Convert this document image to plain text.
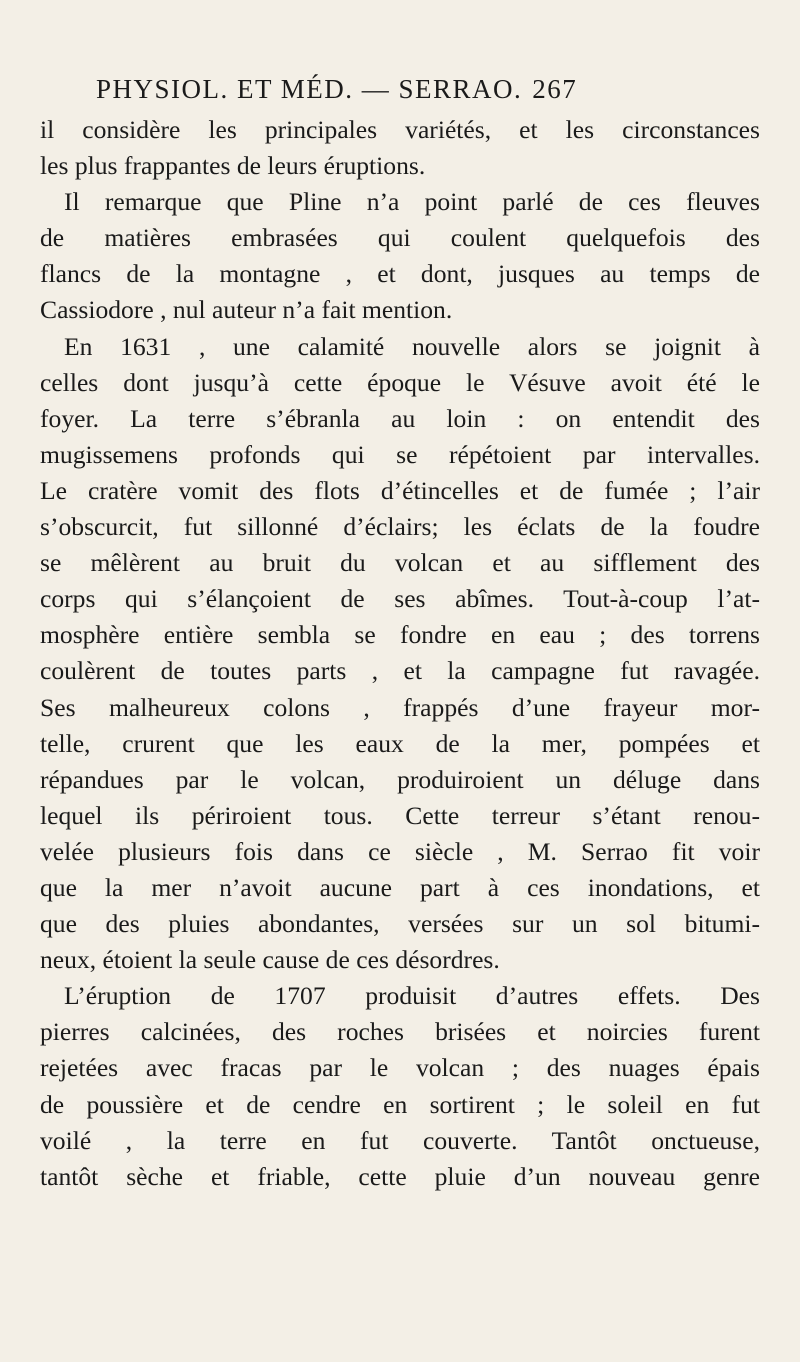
PHYSIOL. ET MÉD. — SERRAO. 267
il considère les principales variétés, et les circonstances
les plus frappantes de leurs éruptions.
Il remarque que Pline n’a point parlé de ces fleuves
de matières embrasées qui coulent quelquefois des
flancs de la montagne , et dont, jusques au temps de
Cassiodore , nul auteur n’a fait mention.
En 1631 , une calamité nouvelle alors se joignit à
celles dont jusqu’à cette époque le Vésuve avoit été le
foyer. La terre s’ébranla au loin : on entendit des
mugissemens profonds qui se répétoient par intervalles.
Le cratère vomit des flots d’étincelles et de fumée ; l’air
s’obscurcit, fut sillonné d’éclairs; les éclats de la foudre
se mêlèrent au bruit du volcan et au sifflement des
corps qui s’élançoient de ses abîmes. Tout-à-coup l’at-
mosphère entière sembla se fondre en eau ; des torrens
coulèrent de toutes parts , et la campagne fut ravagée.
Ses malheureux colons , frappés d’une frayeur mor-
telle, crurent que les eaux de la mer, pompées et
répandues par le volcan, produiroient un déluge dans
lequel ils périroient tous. Cette terreur s’étant renou-
velée plusieurs fois dans ce siècle , M. Serrao fit voir
que la mer n’avoit aucune part à ces inondations, et
que des pluies abondantes, versées sur un sol bitumi-
neux, étoient la seule cause de ces désordres.
L’éruption de 1707 produisit d’autres effets. Des
pierres calcinées, des roches brisées et noircies furent
rejetées avec fracas par le volcan ; des nuages épais
de poussière et de cendre en sortirent ; le soleil en fut
voilé , la terre en fut couverte. Tantôt onctueuse,
tantôt sèche et friable, cette pluie d’un nouveau genre
